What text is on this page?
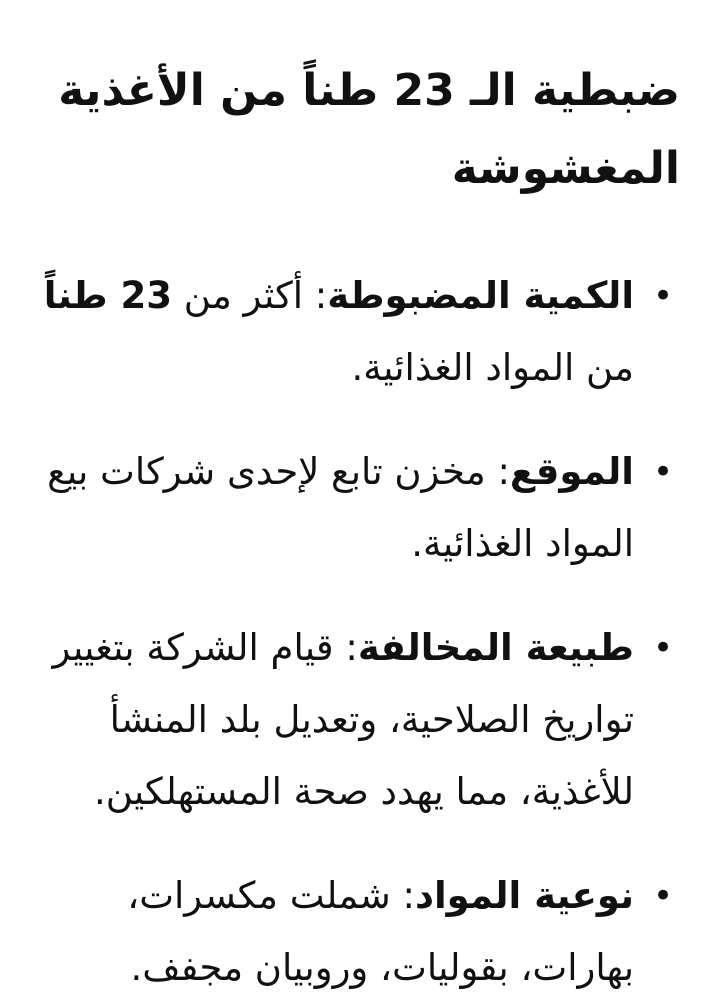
ضبطية الـ 23 طناً من الأغذية المغشوشة
•
الكمية المضبوطة: أكثر من 23 طناً من المواد الغذائية.
•
الموقع: مخزن تابع لإحدى شركات بيع المواد الغذائية.
•
طبيعة المخالفة: قيام الشركة بتغيير تواريخ الصلاحية، وتعديل بلد المنشأ للأغذية، مما يهدد صحة المستهلكين.
•
نوعية المواد: شملت مكسرات، بهارات، بقوليات، وروبيان مجفف.
